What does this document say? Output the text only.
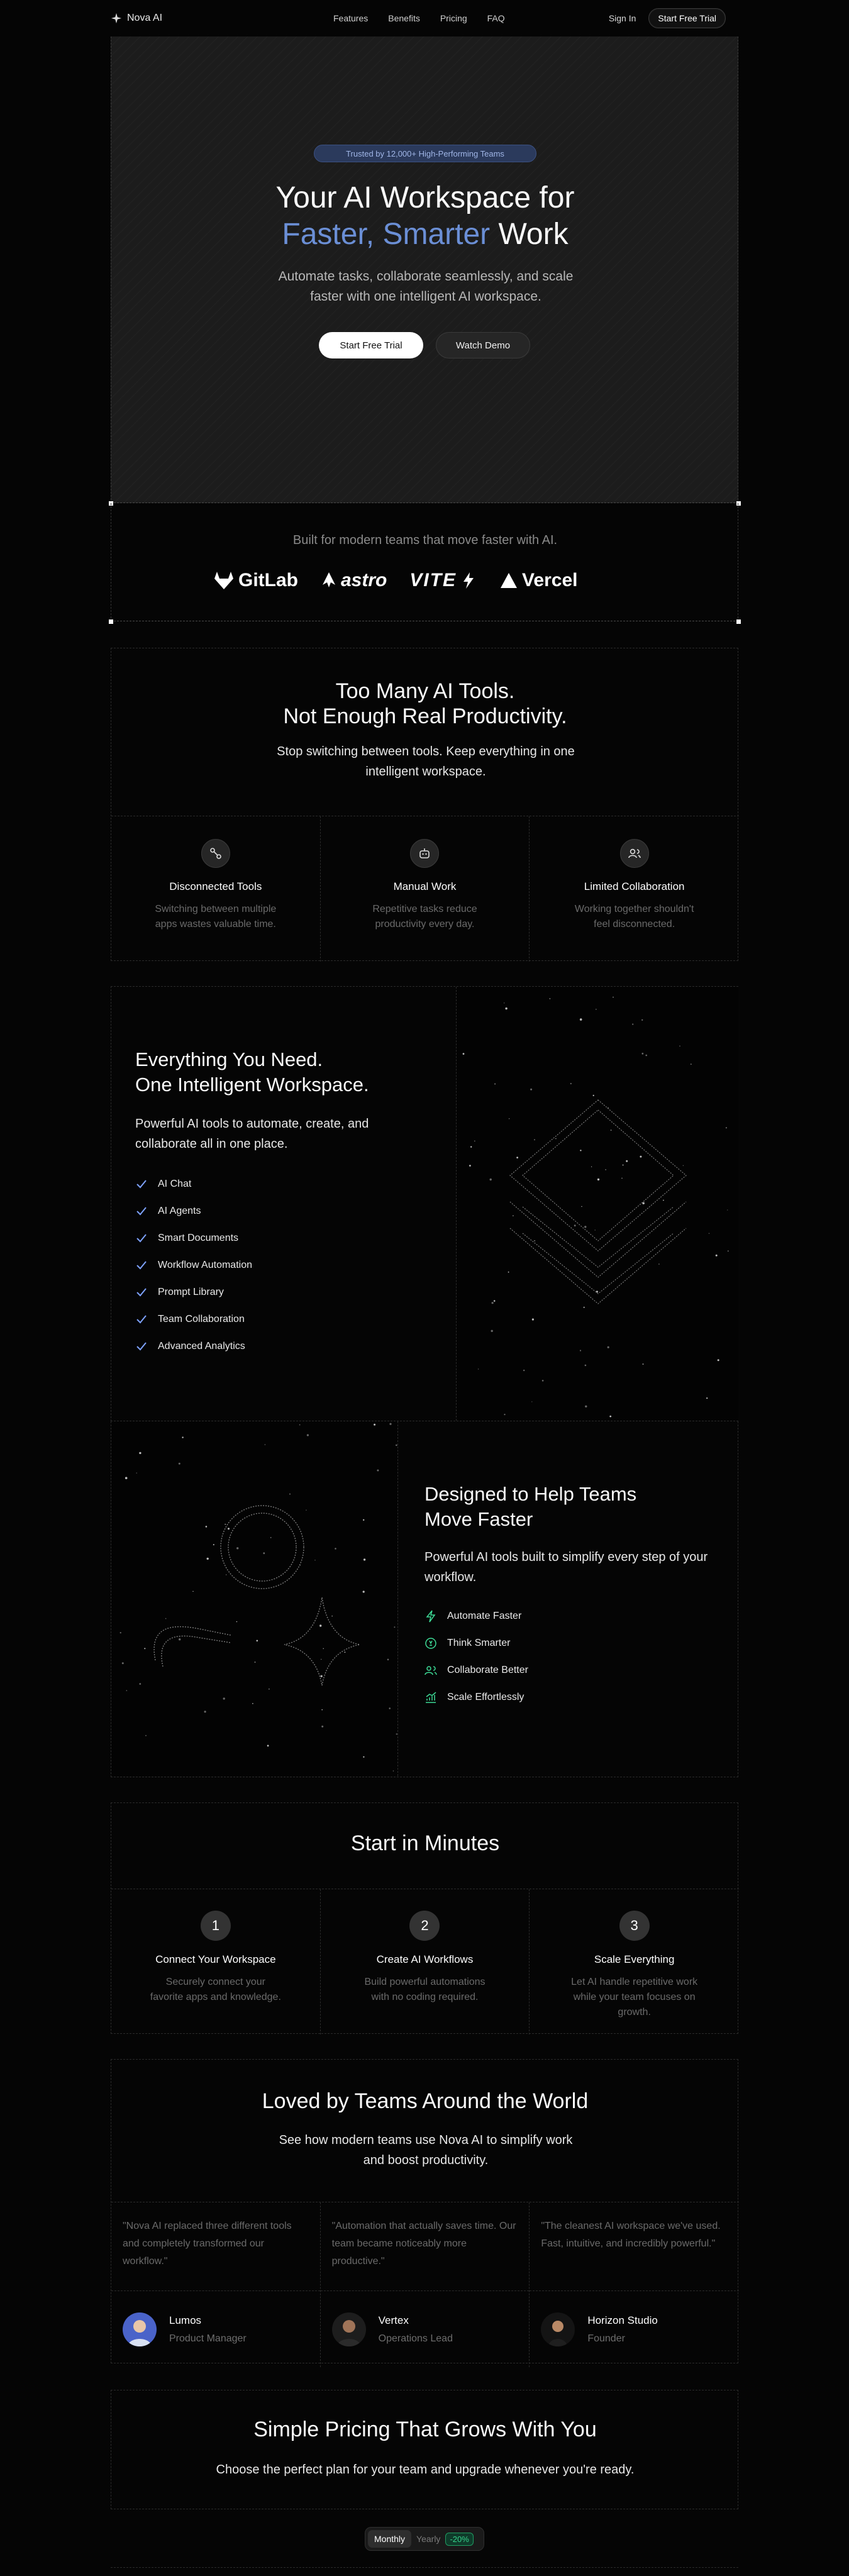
Nova AI	Features Benefits Pricing FAQ	Sign In	Start Free Trial
Trusted by 12,000+ High-Performing Teams
Your AI Workspace for
Faster, Smarter Work
Automate tasks, collaborate seamlessly, and scale faster with one intelligent AI workspace.
Start Free Trial	Watch Demo
Built for modern teams that move faster with AI.
GitLab astro VITE	Vercel
Too Many AI Tools.
Not Enough Real Productivity.
Stop switching between tools. Keep everything in one intelligent workspace.
Disconnected Tools
Switching between multiple apps wastes valuable time.
Manual Work
Repetitive tasks reduce productivity every day.
Limited Collaboration
Working together shouldn't feel disconnected.
Everything You Need.
One Intelligent Workspace.
Powerful AI tools to automate, create, and collaborate all in one place.
AI Chat
AI Agents
Smart Documents
Workflow Automation
Prompt Library
Team Collaboration
Advanced Analytics
Designed to Help Teams
Move Faster
Powerful AI tools built to simplify every step of your workflow.
Automate Faster
Think Smarter
Collaborate Better
Scale Effortlessly
Start in Minutes
1
Connect Your Workspace
Securely connect your favorite apps and knowledge.
2
Create AI Workflows
Build powerful automations with no coding required.
3
Scale Everything
Let AI handle repetitive work while your team focuses on growth.
Loved by Teams Around the World
See how modern teams use Nova AI to simplify work and boost productivity.
"Nova AI replaced three different tools and completely transformed our workflow."
Lumos
Product Manager
"Automation that actually saves time. Our team became noticeably more productive."
Vertex
Operations Lead
"The cleanest AI workspace we've used. Fast, intuitive, and incredibly powerful."
Horizon Studio
Founder
Simple Pricing That Grows With You
Choose the perfect plan for your team and upgrade whenever you're ready.
Monthly	Yearly	-20%
